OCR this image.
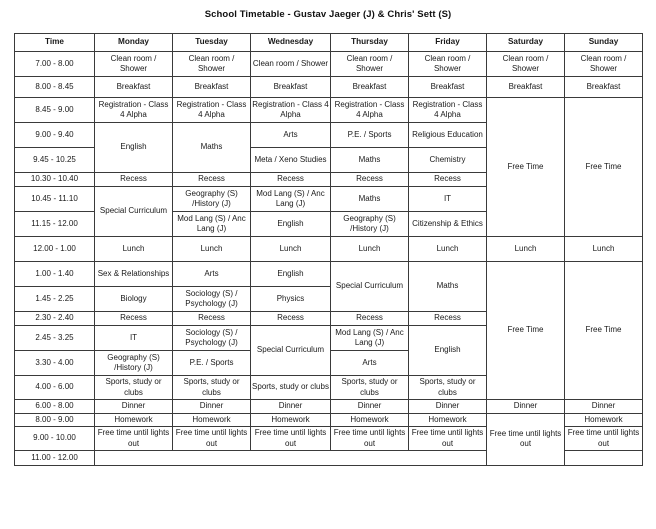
School Timetable - Gustav Jaeger (J) & Chris' Sett (S)
Time	Monday	Tuesday	Wednesday	Thursday	Friday	Saturday	Sunday
7.00 - 8.00	Clean room / Shower	Clean room / Shower	Clean room / Shower	Clean room / Shower	Clean room / Shower	Clean room / Shower	Clean room / Shower
8.00 - 8.45	Breakfast	Breakfast	Breakfast	Breakfast	Breakfast	Breakfast	Breakfast
8.45 - 9.00	Registration - Class 4 Alpha	Registration - Class 4 Alpha	Registration - Class 4 Alpha	Registration - Class 4 Alpha	Registration - Class 4 Alpha	Free Time	Free Time
9.00 - 9.40	English	Maths	Arts	P.E. / Sports	Religious Education		
9.45 - 10.25			Meta / Xeno Studies	Maths	Chemistry		
10.30 - 10.40	Recess	Recess	Recess	Recess	Recess		
10.45 - 11.10	Special Curriculum	Geography (S) /History (J)	Mod Lang (S) / Anc Lang (J)	Maths	IT		
11.15 - 12.00		Mod Lang (S) / Anc Lang (J)	English	Geography (S) /History (J)	Citizenship & Ethics		
12.00 - 1.00	Lunch	Lunch	Lunch	Lunch	Lunch	Lunch	Lunch
1.00 - 1.40	Sex & Relationships	Arts	English	Special Curriculum	Maths	Free Time	Free Time
1.45 - 2.25	Biology	Sociology (S) / Psychology (J)	Physics				
2.30 - 2.40	Recess	Recess	Recess	Recess	Recess		
2.45 - 3.25	IT	Sociology (S) / Psychology (J)	Special Curriculum	Mod Lang (S) / Anc Lang (J)	English		
3.30 - 4.00	Geography (S) /History (J)	P.E. / Sports		Arts			
4.00 - 6.00	Sports, study or clubs	Sports, study or clubs	Sports, study or clubs	Sports, study or clubs	Sports, study or clubs		
6.00 - 8.00	Dinner	Dinner	Dinner	Dinner	Dinner	Dinner	Dinner
8.00 - 9.00	Homework	Homework	Homework	Homework	Homework	Free time until lights out	Homework
9.00 - 10.00	Free time until lights out	Free time until lights out	Free time until lights out	Free time until lights out	Free time until lights out		Free time until lights out
11.00 - 12.00							
